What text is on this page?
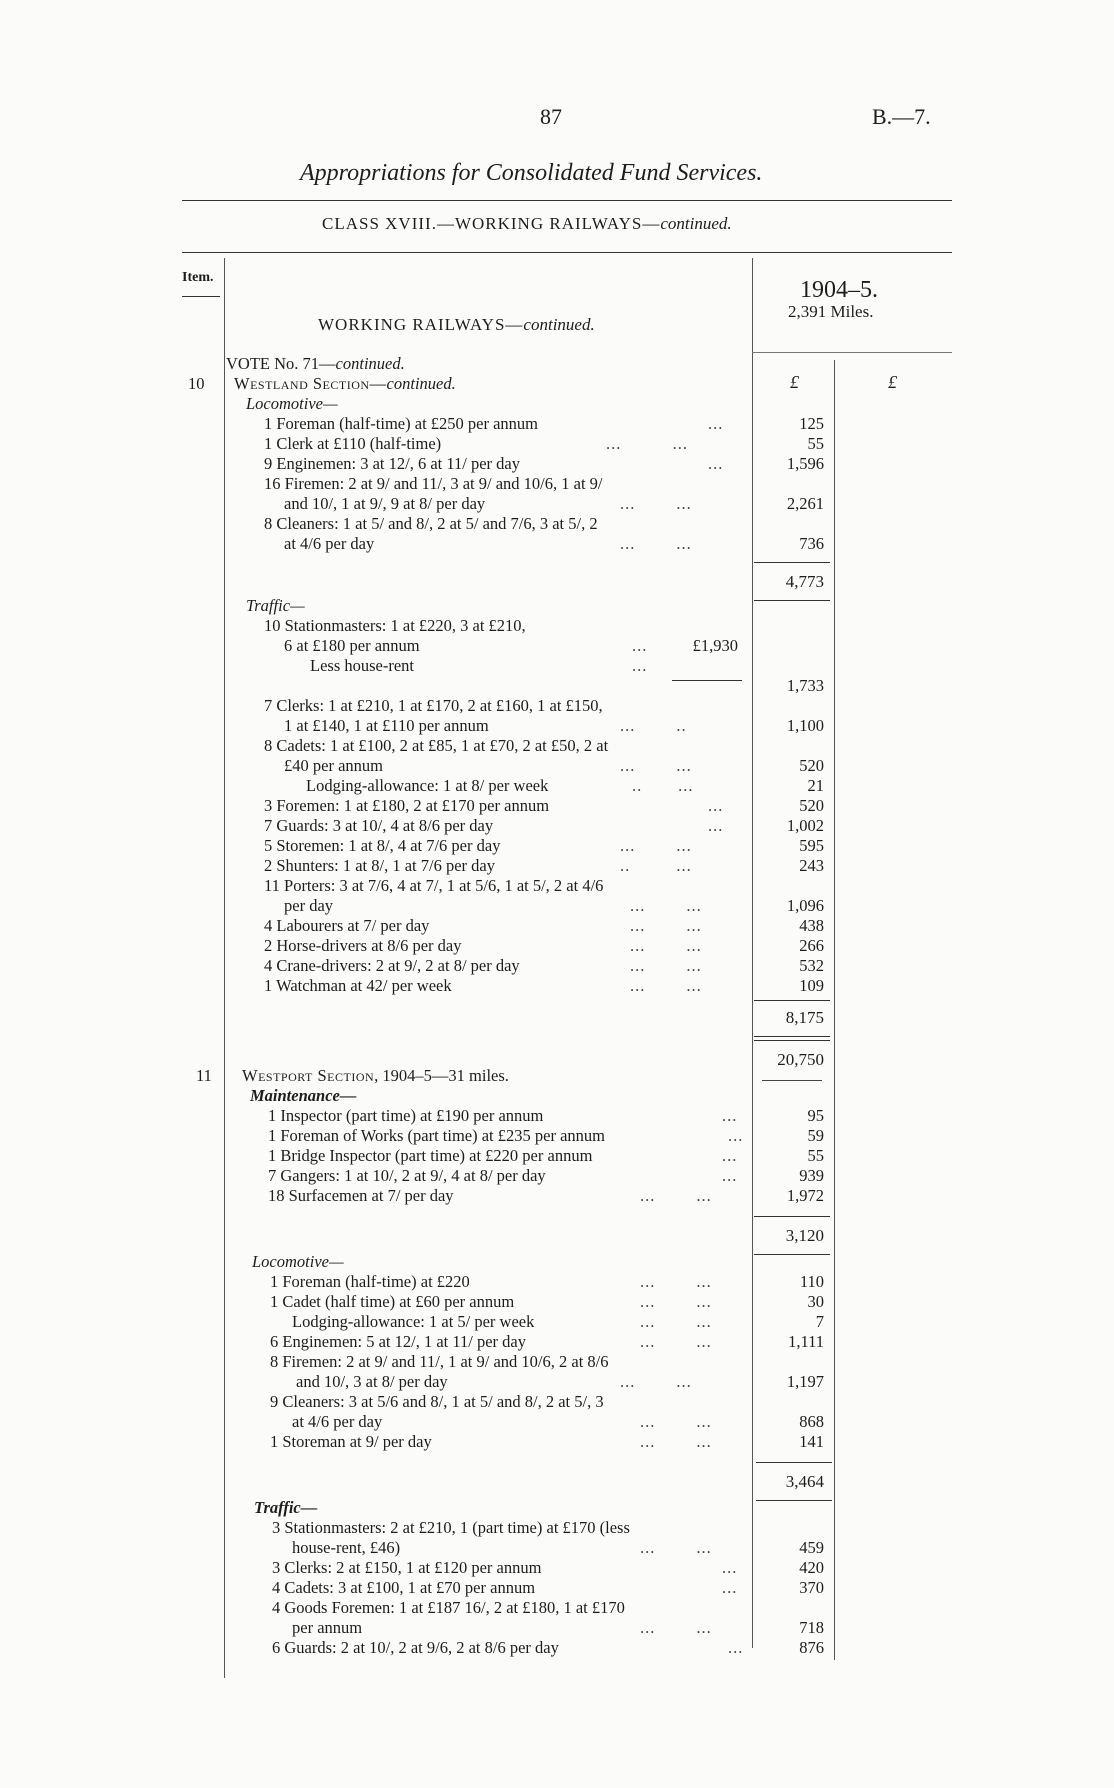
87	B.—7.
Appropriations for Consolidated Fund Services.
CLASS XVIII.—WORKING RAILWAYS—continued.
Item.	1904–5.
2,391 Miles.
WORKING RAILWAYS—continued.
£	£
VOTE No. 71—continued.
10 Westland Section—continued.
Locomotive—
1 Foreman (half-time) at £250 per annum	...	125
1 Clerk at £110 (half-time)	...          ...	55
9 Enginemen: 3 at 12/, 6 at 11/ per day	...	1,596
16 Firemen: 2 at 9/ and 11/, 3 at 9/ and 10/6, 1 at 9/
and 10/, 1 at 9/, 9 at 8/ per day	...        ...	2,261
8 Cleaners: 1 at 5/ and 8/, 2 at 5/ and 7/6, 3 at 5/, 2
at 4/6 per day	...        ...	736
4,773
Traffic—
10 Stationmasters: 1 at £220, 3 at £210,
6 at £180 per annum	...	£1,930
Less house-rent	...
1,733
7 Clerks: 1 at £210, 1 at £170, 2 at £160, 1 at £150,
1 at £140, 1 at £110 per annum	...        ..	1,100
8 Cadets: 1 at £100, 2 at £85, 1 at £70, 2 at £50, 2 at
£40 per annum	...        ...	520
Lodging-allowance: 1 at 8/ per week	..       ...	21
3 Foremen: 1 at £180, 2 at £170 per annum	...	520
7 Guards: 3 at 10/, 4 at 8/6 per day	...	1,002
5 Storemen: 1 at 8/, 4 at 7/6 per day	...        ...	595
2 Shunters: 1 at 8/, 1 at 7/6 per day	..         ...	243
11 Porters: 3 at 7/6, 4 at 7/, 1 at 5/6, 1 at 5/, 2 at 4/6
per day	...        ...	1,096
4 Labourers at 7/ per day	...        ...	438
2 Horse-drivers at 8/6 per day	...        ...	266
4 Crane-drivers: 2 at 9/, 2 at 8/ per day	...        ...	532
1 Watchman at 42/ per week	...        ...	109
8,175
20,750
11 Westport Section, 1904–5—31 miles.
Maintenance—
1 Inspector (part time) at £190 per annum	...	95
1 Foreman of Works (part time) at £235 per annum	...	59
1 Bridge Inspector (part time) at £220 per annum	...	55
7 Gangers: 1 at 10/, 2 at 9/, 4 at 8/ per day	...	939
18 Surfacemen at 7/ per day	...        ...	1,972
3,120
Locomotive—
1 Foreman (half-time) at £220	...        ...	110
1 Cadet (half time) at £60 per annum	...        ...	30
Lodging-allowance: 1 at 5/ per week	...        ...	7
6 Enginemen: 5 at 12/, 1 at 11/ per day	...        ...	1,111
8 Firemen: 2 at 9/ and 11/, 1 at 9/ and 10/6, 2 at 8/6
and 10/, 3 at 8/ per day	...        ...	1,197
9 Cleaners: 3 at 5/6 and 8/, 1 at 5/ and 8/, 2 at 5/, 3
at 4/6 per day	...        ...	868
1 Storeman at 9/ per day	...        ...	141
3,464
Traffic—
3 Stationmasters: 2 at £210, 1 (part time) at £170 (less
house-rent, £46)	...        ...	459
3 Clerks: 2 at £150, 1 at £120 per annum	...	420
4 Cadets: 3 at £100, 1 at £70 per annum	...	370
4 Goods Foremen: 1 at £187 16/, 2 at £180, 1 at £170
per annum	...        ...	718
6 Guards: 2 at 10/, 2 at 9/6, 2 at 8/6 per day	...	876
